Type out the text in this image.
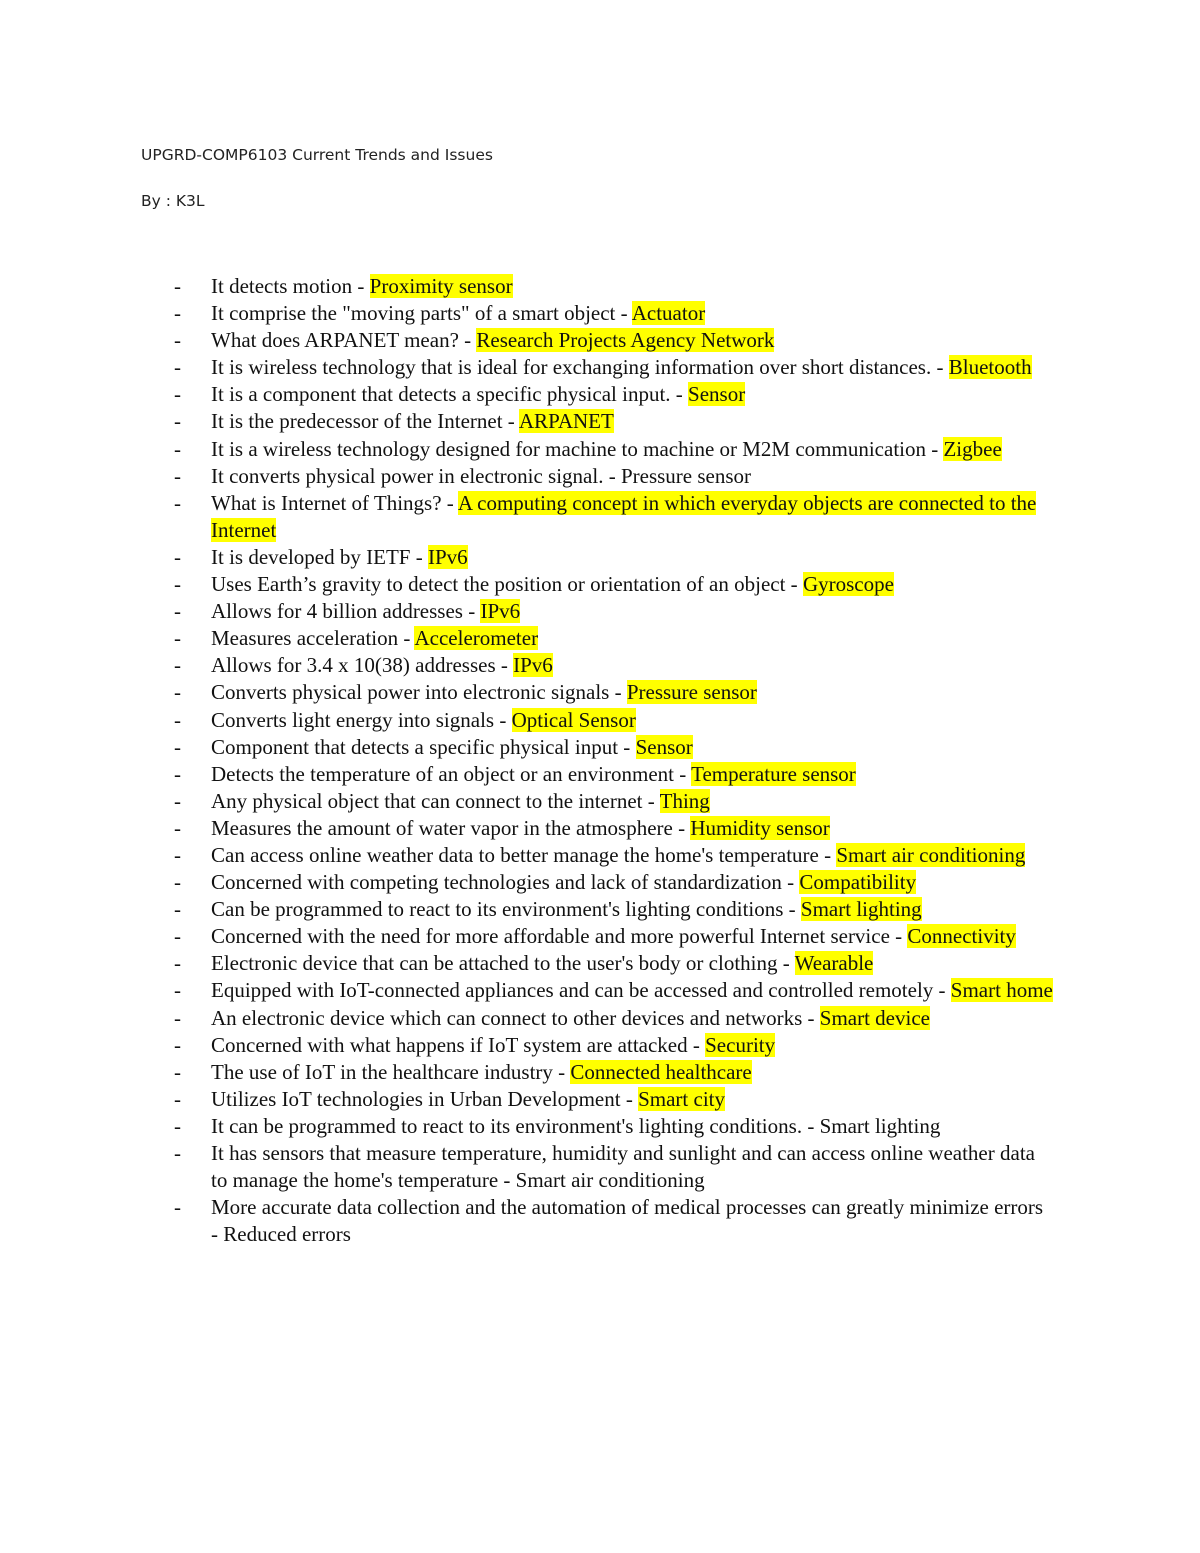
UPGRD-COMP6103 Current Trends and Issues
By : K3L
- It detects motion - Proximity sensor
- It comprise the "moving parts" of a smart object - Actuator
- What does ARPANET mean? - Research Projects Agency Network
- It is wireless technology that is ideal for exchanging information over short distances. - Bluetooth
- It is a component that detects a specific physical input. - Sensor
- It is the predecessor of the Internet - ARPANET
- It is a wireless technology designed for machine to machine or M2M communication - Zigbee
- It converts physical power in electronic signal. - Pressure sensor
- What is Internet of Things? - A computing concept in which everyday objects are connected to the Internet
- It is developed by IETF - IPv6
- Uses Earth’s gravity to detect the position or orientation of an object - Gyroscope
- Allows for 4 billion addresses - IPv6
- Measures acceleration - Accelerometer
- Allows for 3.4 x 10(38) addresses - IPv6
- Converts physical power into electronic signals - Pressure sensor
- Converts light energy into signals - Optical Sensor
- Component that detects a specific physical input - Sensor
- Detects the temperature of an object or an environment - Temperature sensor
- Any physical object that can connect to the internet - Thing
- Measures the amount of water vapor in the atmosphere - Humidity sensor
- Can access online weather data to better manage the home's temperature - Smart air conditioning
- Concerned with competing technologies and lack of standardization - Compatibility
- Can be programmed to react to its environment's lighting conditions - Smart lighting
- Concerned with the need for more affordable and more powerful Internet service - Connectivity
- Electronic device that can be attached to the user's body or clothing - Wearable
- Equipped with IoT-connected appliances and can be accessed and controlled remotely - Smart home
- An electronic device which can connect to other devices and networks - Smart device
- Concerned with what happens if IoT system are attacked - Security
- The use of IoT in the healthcare industry - Connected healthcare
- Utilizes IoT technologies in Urban Development - Smart city
- It can be programmed to react to its environment's lighting conditions. - Smart lighting
- It has sensors that measure temperature, humidity and sunlight and can access online weather data to manage the home's temperature - Smart air conditioning
- More accurate data collection and the automation of medical processes can greatly minimize errors - Reduced errors
